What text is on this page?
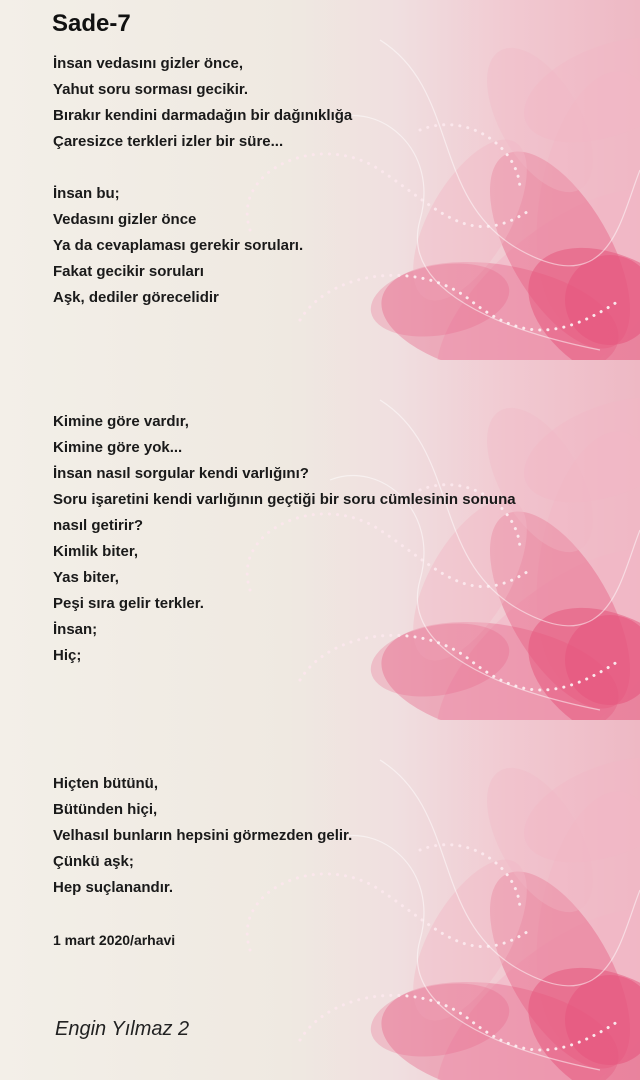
Sade-7
İnsan vedasını gizler önce,
Yahut soru sorması gecikir.
Bırakır kendini darmadağın bir dağınıklığa
Çaresizce terkleri izler bir süre...
İnsan bu;
Vedasını gizler önce
Ya da cevaplaması gerekir soruları.
Fakat gecikir soruları
Aşk, dediler görecelidir
Kimine göre vardır,
Kimine göre yok...
İnsan nasıl sorgular kendi varlığını?
Soru işaretini kendi varlığının geçtiği bir soru cümlesinin sonuna
nasıl getirir?
Kimlik biter,
Yas biter,
Peşi sıra gelir terkler.
İnsan;
Hiç;
Hiçten bütünü,
Bütünden hiçi,
Velhasıl bunların hepsini görmezden gelir.
Çünkü aşk;
Hep suçlanandır.
1 mart 2020/arhavi
Engin Yılmaz 2
